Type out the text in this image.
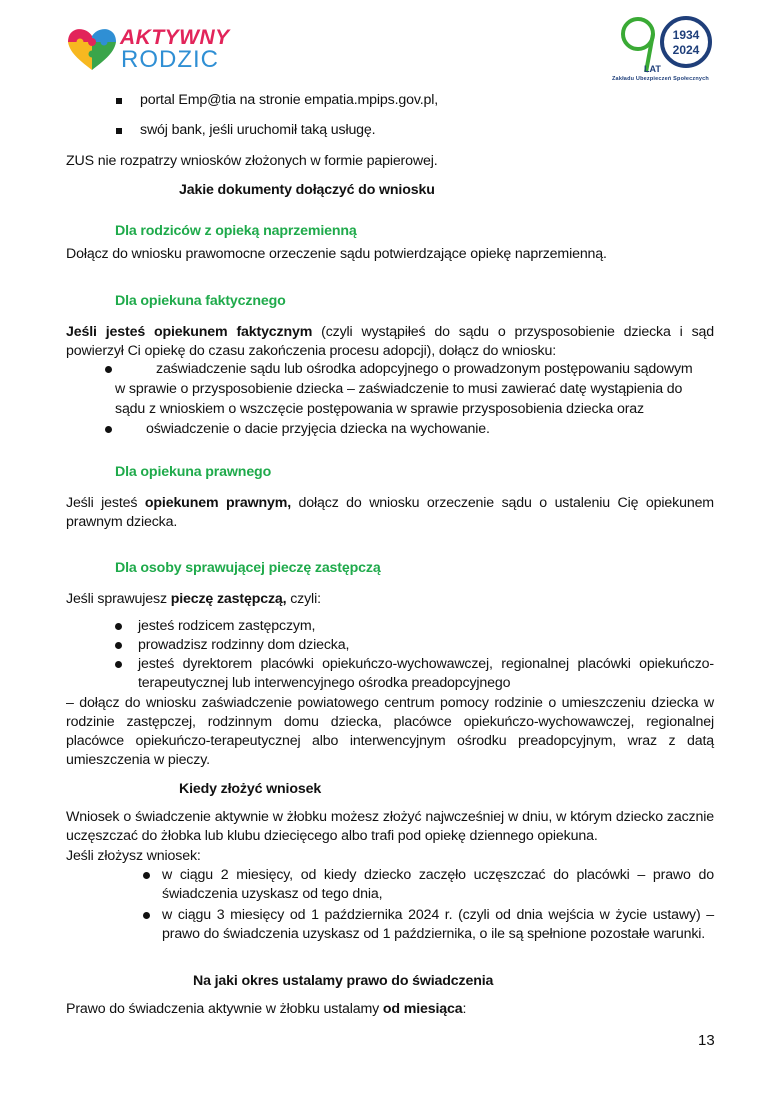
AKTYWNY
RODZIC
1934
2024
LAT
Zakładu Ubezpieczeń Społecznych
portal Emp@tia na stronie empatia.mpips.gov.pl,
swój bank, jeśli uruchomił taką usługę.
ZUS nie rozpatrzy wniosków złożonych w formie papierowej.
Jakie dokumenty dołączyć do wniosku
Dla rodziców z opieką naprzemienną
Dołącz do wniosku prawomocne orzeczenie sądu potwierdzające opiekę naprzemienną.
Dla opiekuna faktycznego
Jeśli jesteś opiekunem faktycznym (czyli wystąpiłeś do sądu o przysposobienie dziecka i sąd powierzył Ci opiekę do czasu zakończenia procesu adopcji), dołącz do wniosku:
zaświadczenie sądu lub ośrodka adopcyjnego o prowadzonym postępowaniu sądowym
w sprawie o przysposobienie dziecka – zaświadczenie to musi zawierać datę wystąpienia do
sądu z wnioskiem o wszczęcie postępowania w sprawie przysposobienia dziecka oraz
oświadczenie o dacie przyjęcia dziecka na wychowanie.
Dla opiekuna prawnego
Jeśli jesteś opiekunem prawnym, dołącz do wniosku orzeczenie sądu o ustaleniu Cię opiekunem prawnym dziecka.
Dla osoby sprawującej pieczę zastępczą
Jeśli sprawujesz pieczę zastępczą, czyli:
jesteś rodzicem zastępczym,
prowadzisz rodzinny dom dziecka,
jesteś dyrektorem placówki opiekuńczo-wychowawczej, regionalnej placówki opiekuńczo-terapeutycznej lub interwencyjnego ośrodka preadopcyjnego
– dołącz do wniosku zaświadczenie powiatowego centrum pomocy rodzinie o umieszczeniu dziecka w rodzinie zastępczej, rodzinnym domu dziecka, placówce opiekuńczo-wychowawczej, regionalnej placówce opiekuńczo-terapeutycznej albo interwencyjnym ośrodku preadopcyjnym, wraz z datą umieszczenia w pieczy.
Kiedy złożyć wniosek
Wniosek o świadczenie aktywnie w żłobku możesz złożyć najwcześniej w dniu, w którym dziecko zacznie uczęszczać do żłobka lub klubu dziecięcego albo trafi pod opiekę dziennego opiekuna.
Jeśli złożysz wniosek:
w ciągu 2 miesięcy, od kiedy dziecko zaczęło uczęszczać do placówki – prawo do świadczenia uzyskasz od tego dnia,
w ciągu 3 miesięcy od 1 października 2024 r. (czyli od dnia wejścia w życie ustawy) – prawo do świadczenia uzyskasz od 1 października, o ile są spełnione pozostałe warunki.
Na jaki okres ustalamy prawo do świadczenia
Prawo do świadczenia aktywnie w żłobku ustalamy od miesiąca:
13
